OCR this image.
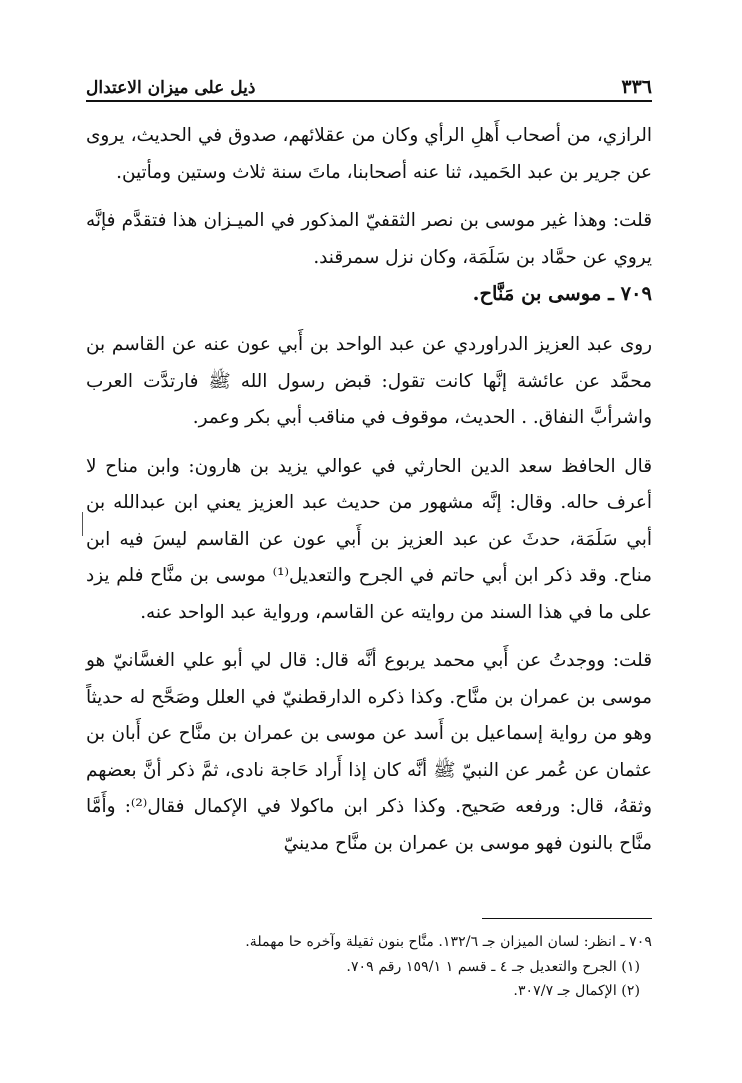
٣٣٦
ذيل على ميزان الاعتدال

الرازي، من أصحاب أَهلِ الرأي وكان من عقلائهم، صدوق في الحديث، يروى عن جرير بن عبد الحَميد، ثنا عنه أصحابنا، ماتَ سنة ثلاث وستين ومأتين.

قلت: وهذا غير موسى بن نصر الثقفيّ المذكور في الميـزان هذا فتقدَّم فإنَّه يروي عن حمَّاد بن سَلَمَة، وكان نزل سمرقند.

٧٠٩ ـ موسى بن مَنَّاح.

روى عبد العزيز الدراوردي عن عبد الواحد بن أَبي عون عنه عن القاسم بن محمَّد عن عائشة إنَّها كانت تقول: قبض رسول الله ﷺ فارتدَّت العرب واشرأبَّ النفاق. . الحديث، موقوف في مناقب أبي بكر وعمر.

قال الحافظ سعد الدين الحارثي في عوالي يزيد بن هارون: وابن مناح لا أعرف حاله. وقال: إنَّه مشهور من حديث عبد العزيز يعني ابن عبدالله بن أبي سَلَمَة، حدثَ عن عبد العزيز بن أَبي عون عن القاسم ليسَ فيه ابن مناح. وقد ذكر ابن أبي حاتم في الجرح والتعديل⁽¹⁾ موسى بن منَّاح فلم يزد على ما في هذا السند من روايته عن القاسم، ورواية عبد الواحد عنه.

قلت: ووجدتُ عن أَبي محمد يربوع أنَّه قال: قال لي أبو علي الغسَّانيّ هو موسى بن عمران بن منَّاح. وكذا ذكره الدارقطنيّ في العلل وصَحَّح له حديثاً وهو من رواية إسماعيل بن أَسد عن موسى بن عمران بن منَّاح عن أَبان بن عثمان عن عُمر عن النبيّ ﷺ أنَّه كان إذا أَراد حَاجة نادى، ثمَّ ذكر أنَّ بعضهم وثقهُ، قال: ورفعه صَحيح. وكذا ذكر ابن ماكولا في الإكمال فقال⁽²⁾: وأَمَّا منَّاح بالنون فهو موسى بن عمران بن منَّاح مدينيّ

٧٠٩ ـ انظر: لسان الميزان جـ ١٣٢/٦. منَّاح بنون ثقيلة وآخره حا مهملة.

(١) الجرح والتعديل جـ ٤ ـ قسم ١ ١٥٩/١ رقم ٧٠٩.

(٢) الإكمال جـ ٣٠٧/٧.
